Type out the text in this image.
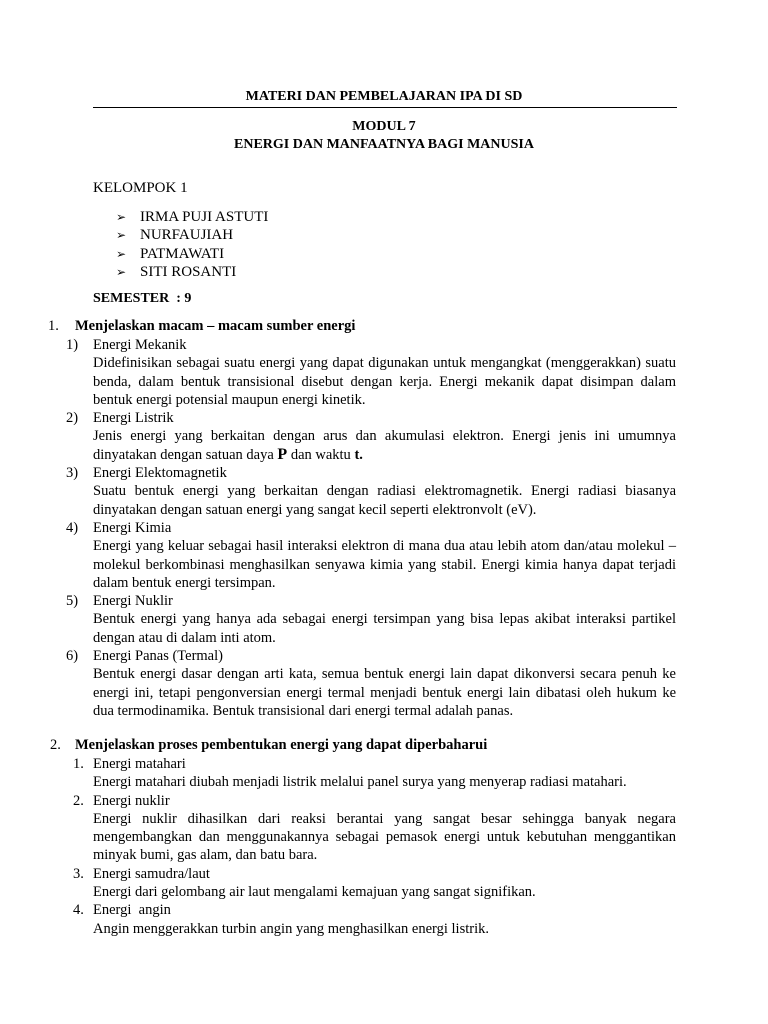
MATERI DAN PEMBELAJARAN IPA DI SD
MODUL 7
ENERGI DAN MANFAATNYA BAGI MANUSIA
KELOMPOK 1
➢ IRMA PUJI ASTUTI
➢ NURFAUJIAH
➢ PATMAWATI
➢ SITI ROSANTI
SEMESTER  : 9
1. Menjelaskan macam – macam sumber energi
1) Energi Mekanik
Didefinisikan sebagai suatu energi yang dapat digunakan untuk mengangkat (menggerakkan) suatu benda, dalam bentuk transisional disebut dengan kerja. Energi mekanik dapat disimpan dalam bentuk energi potensial maupun energi kinetik.
2) Energi Listrik
Jenis energi yang berkaitan dengan arus dan akumulasi elektron. Energi jenis ini umumnya dinyatakan dengan satuan daya P dan waktu t.
3) Energi Elektomagnetik
Suatu bentuk energi yang berkaitan dengan radiasi elektromagnetik. Energi radiasi biasanya dinyatakan dengan satuan energi yang sangat kecil seperti elektronvolt (eV).
4) Energi Kimia
Energi yang keluar sebagai hasil interaksi elektron di mana dua atau lebih atom dan/atau molekul – molekul berkombinasi menghasilkan senyawa kimia yang stabil. Energi kimia hanya dapat terjadi dalam bentuk energi tersimpan.
5) Energi Nuklir
Bentuk energi yang hanya ada sebagai energi tersimpan yang bisa lepas akibat interaksi partikel dengan atau di dalam inti atom.
6) Energi Panas (Termal)
Bentuk energi dasar dengan arti kata, semua bentuk energi lain dapat dikonversi secara penuh ke energi ini, tetapi pengonversian energi termal menjadi bentuk energi lain dibatasi oleh hukum ke dua termodinamika. Bentuk transisional dari energi termal adalah panas.
2. Menjelaskan proses pembentukan energi yang dapat diperbaharui
1. Energi matahari
Energi matahari diubah menjadi listrik melalui panel surya yang menyerap radiasi matahari.
2. Energi nuklir
Energi nuklir dihasilkan dari reaksi berantai yang sangat besar sehingga banyak negara mengembangkan dan menggunakannya sebagai pemasok energi untuk kebutuhan menggantikan minyak bumi, gas alam, dan batu bara.
3. Energi samudra/laut
Energi dari gelombang air laut mengalami kemajuan yang sangat signifikan.
4. Energi  angin
Angin menggerakkan turbin angin yang menghasilkan energi listrik.
